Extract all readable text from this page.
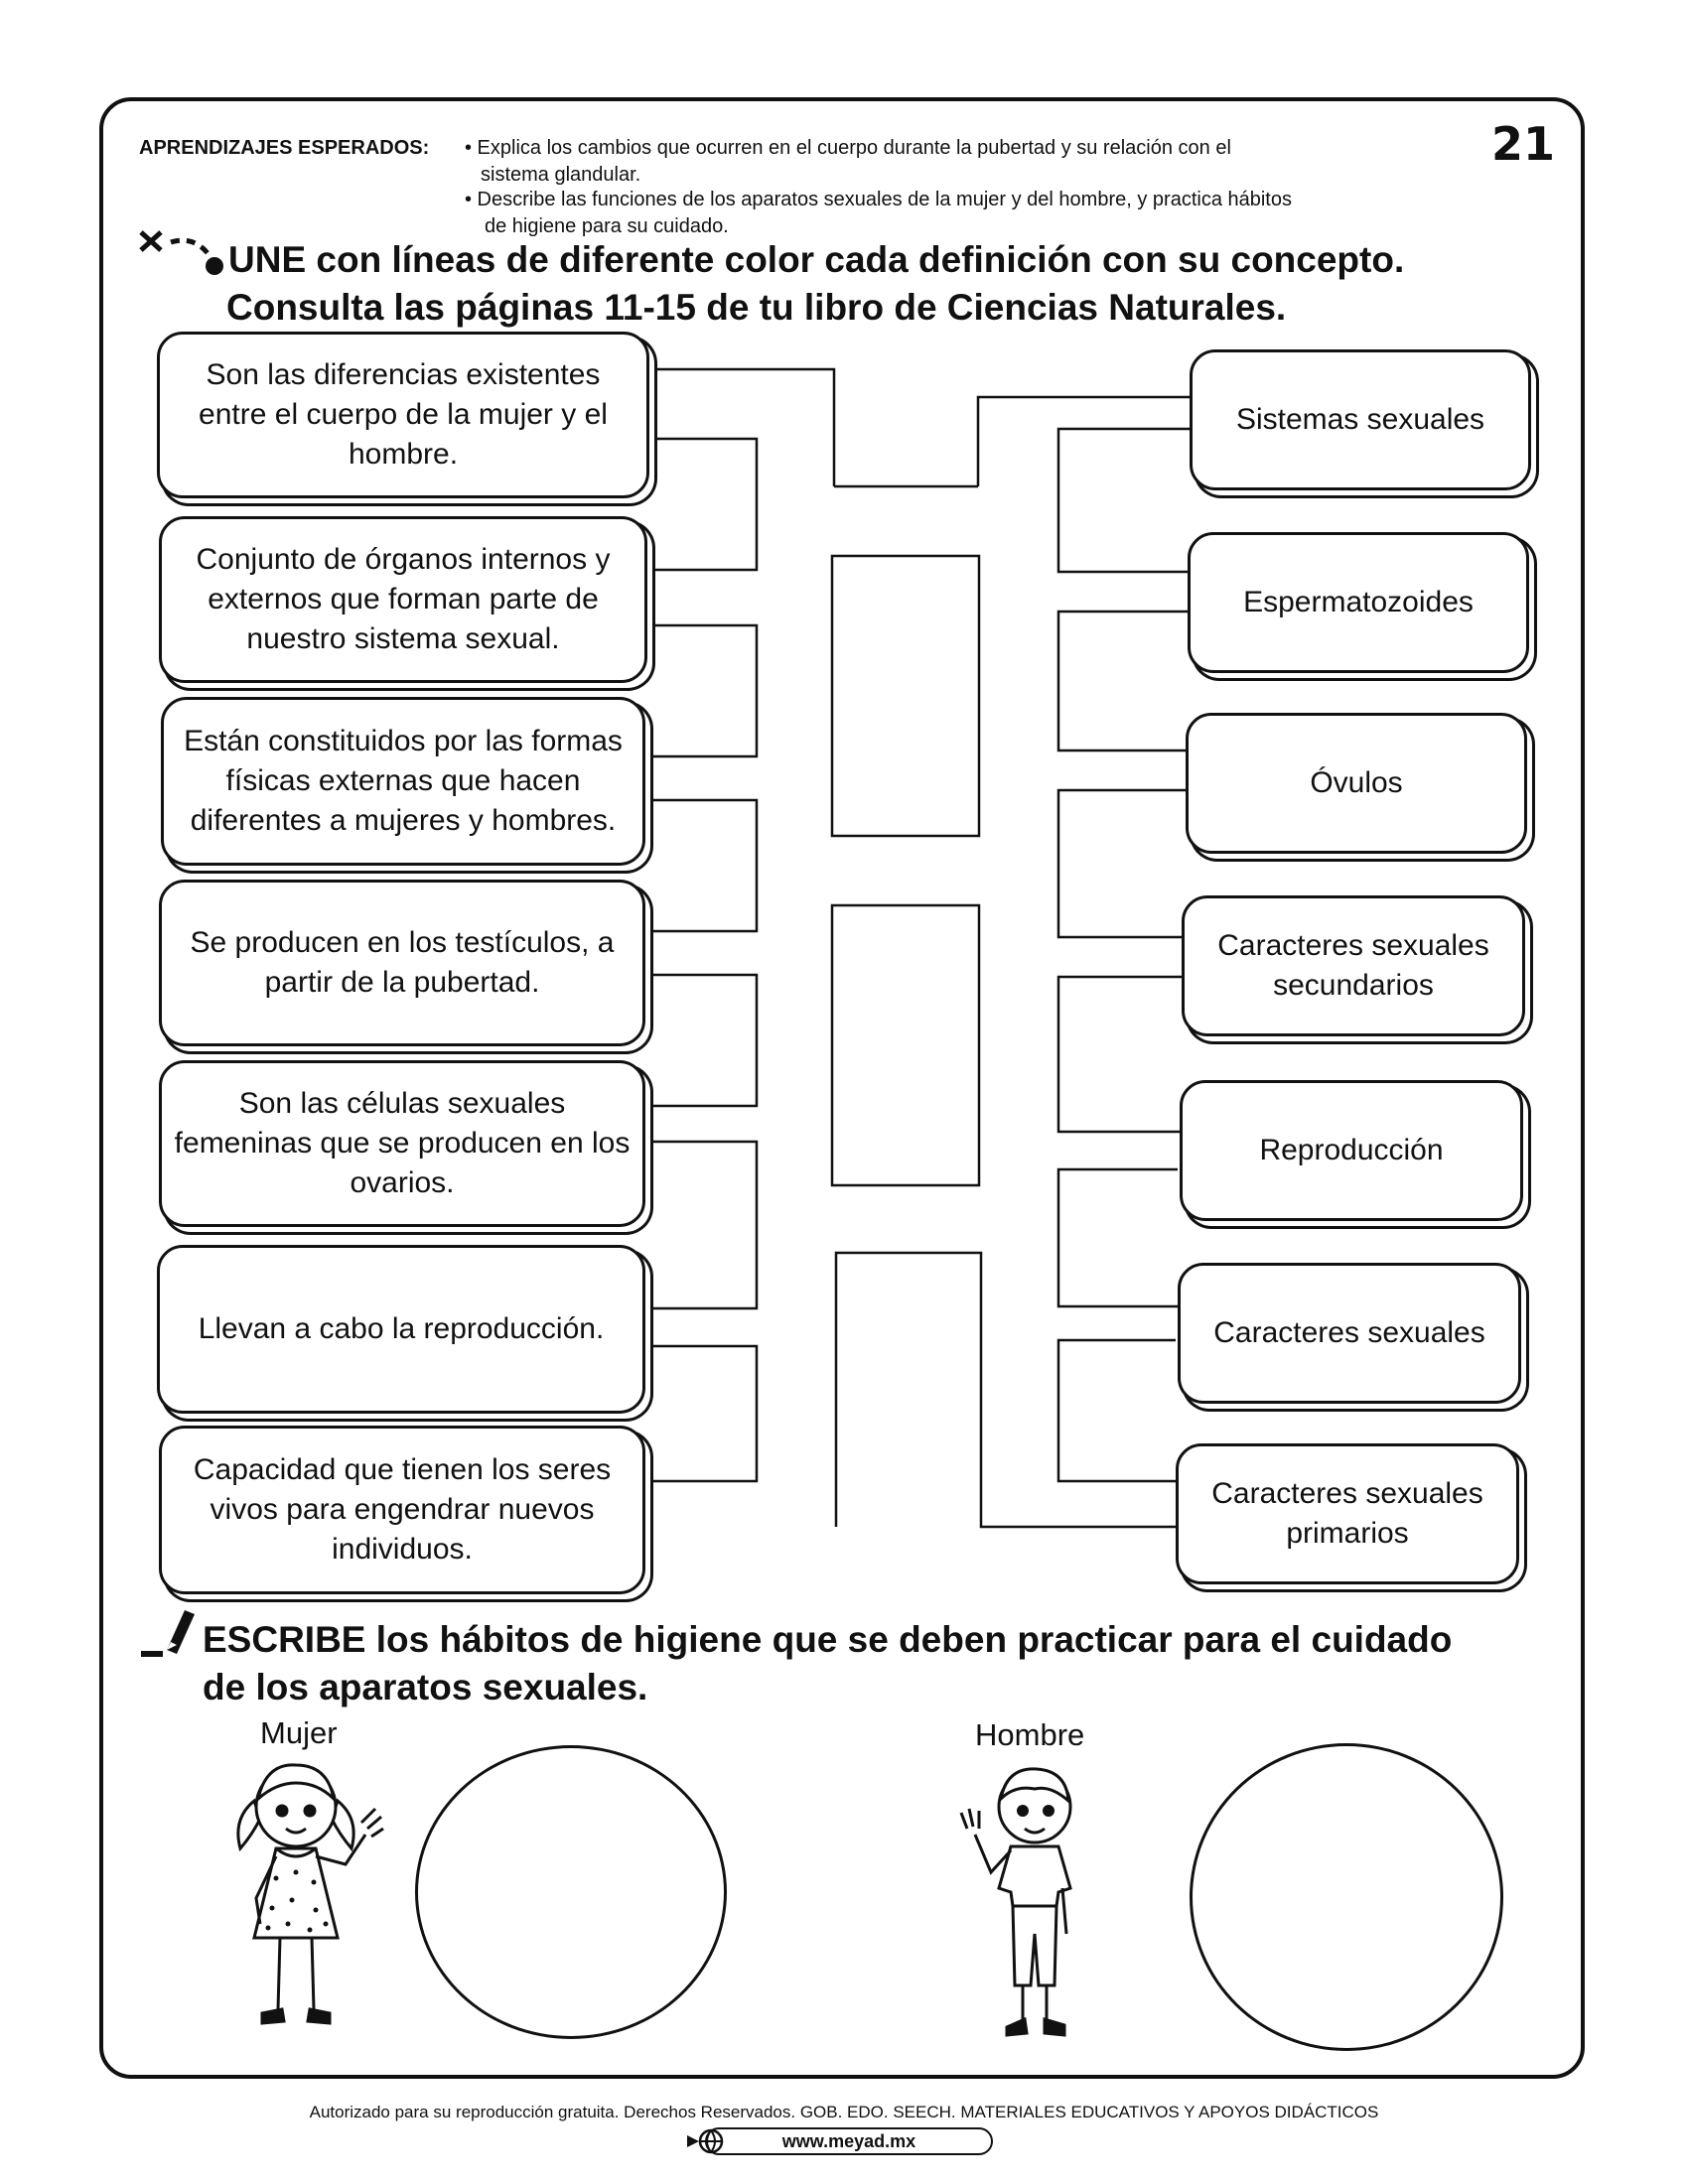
21
APRENDIZAJES ESPERADOS: • Explica los cambios que ocurren en el cuerpo durante la pubertad y su relación con el
sistema glandular.
• Describe las funciones de los aparatos sexuales de la mujer y del hombre, y practica hábitos
de higiene para su cuidado.
UNE con líneas de diferente color cada definición con su concepto.
Consulta las páginas 11-15 de tu libro de Ciencias Naturales.
Son las diferencias existentes entre el cuerpo de la mujer y el hombre.
Conjunto de órganos internos y externos que forman parte de nuestro sistema sexual.
Están constituidos por las formas físicas externas que hacen diferentes a mujeres y hombres.
Se producen en los testículos, a partir de la pubertad.
Son las células sexuales femeninas que se producen en los ovarios.
Llevan a cabo la reproducción.
Capacidad que tienen los seres vivos para engendrar nuevos individuos.
Sistemas sexuales
Espermatozoides
Óvulos
Caracteres sexuales secundarios
Reproducción
Caracteres sexuales
Caracteres sexuales primarios
ESCRIBE los hábitos de higiene que se deben practicar para el cuidado
de los aparatos sexuales.
Mujer	Hombre
Autorizado para su reproducción gratuita. Derechos Reservados. GOB. EDO. SEECH. MATERIALES EDUCATIVOS Y APOYOS DIDÁCTICOS
www.meyad.mx
